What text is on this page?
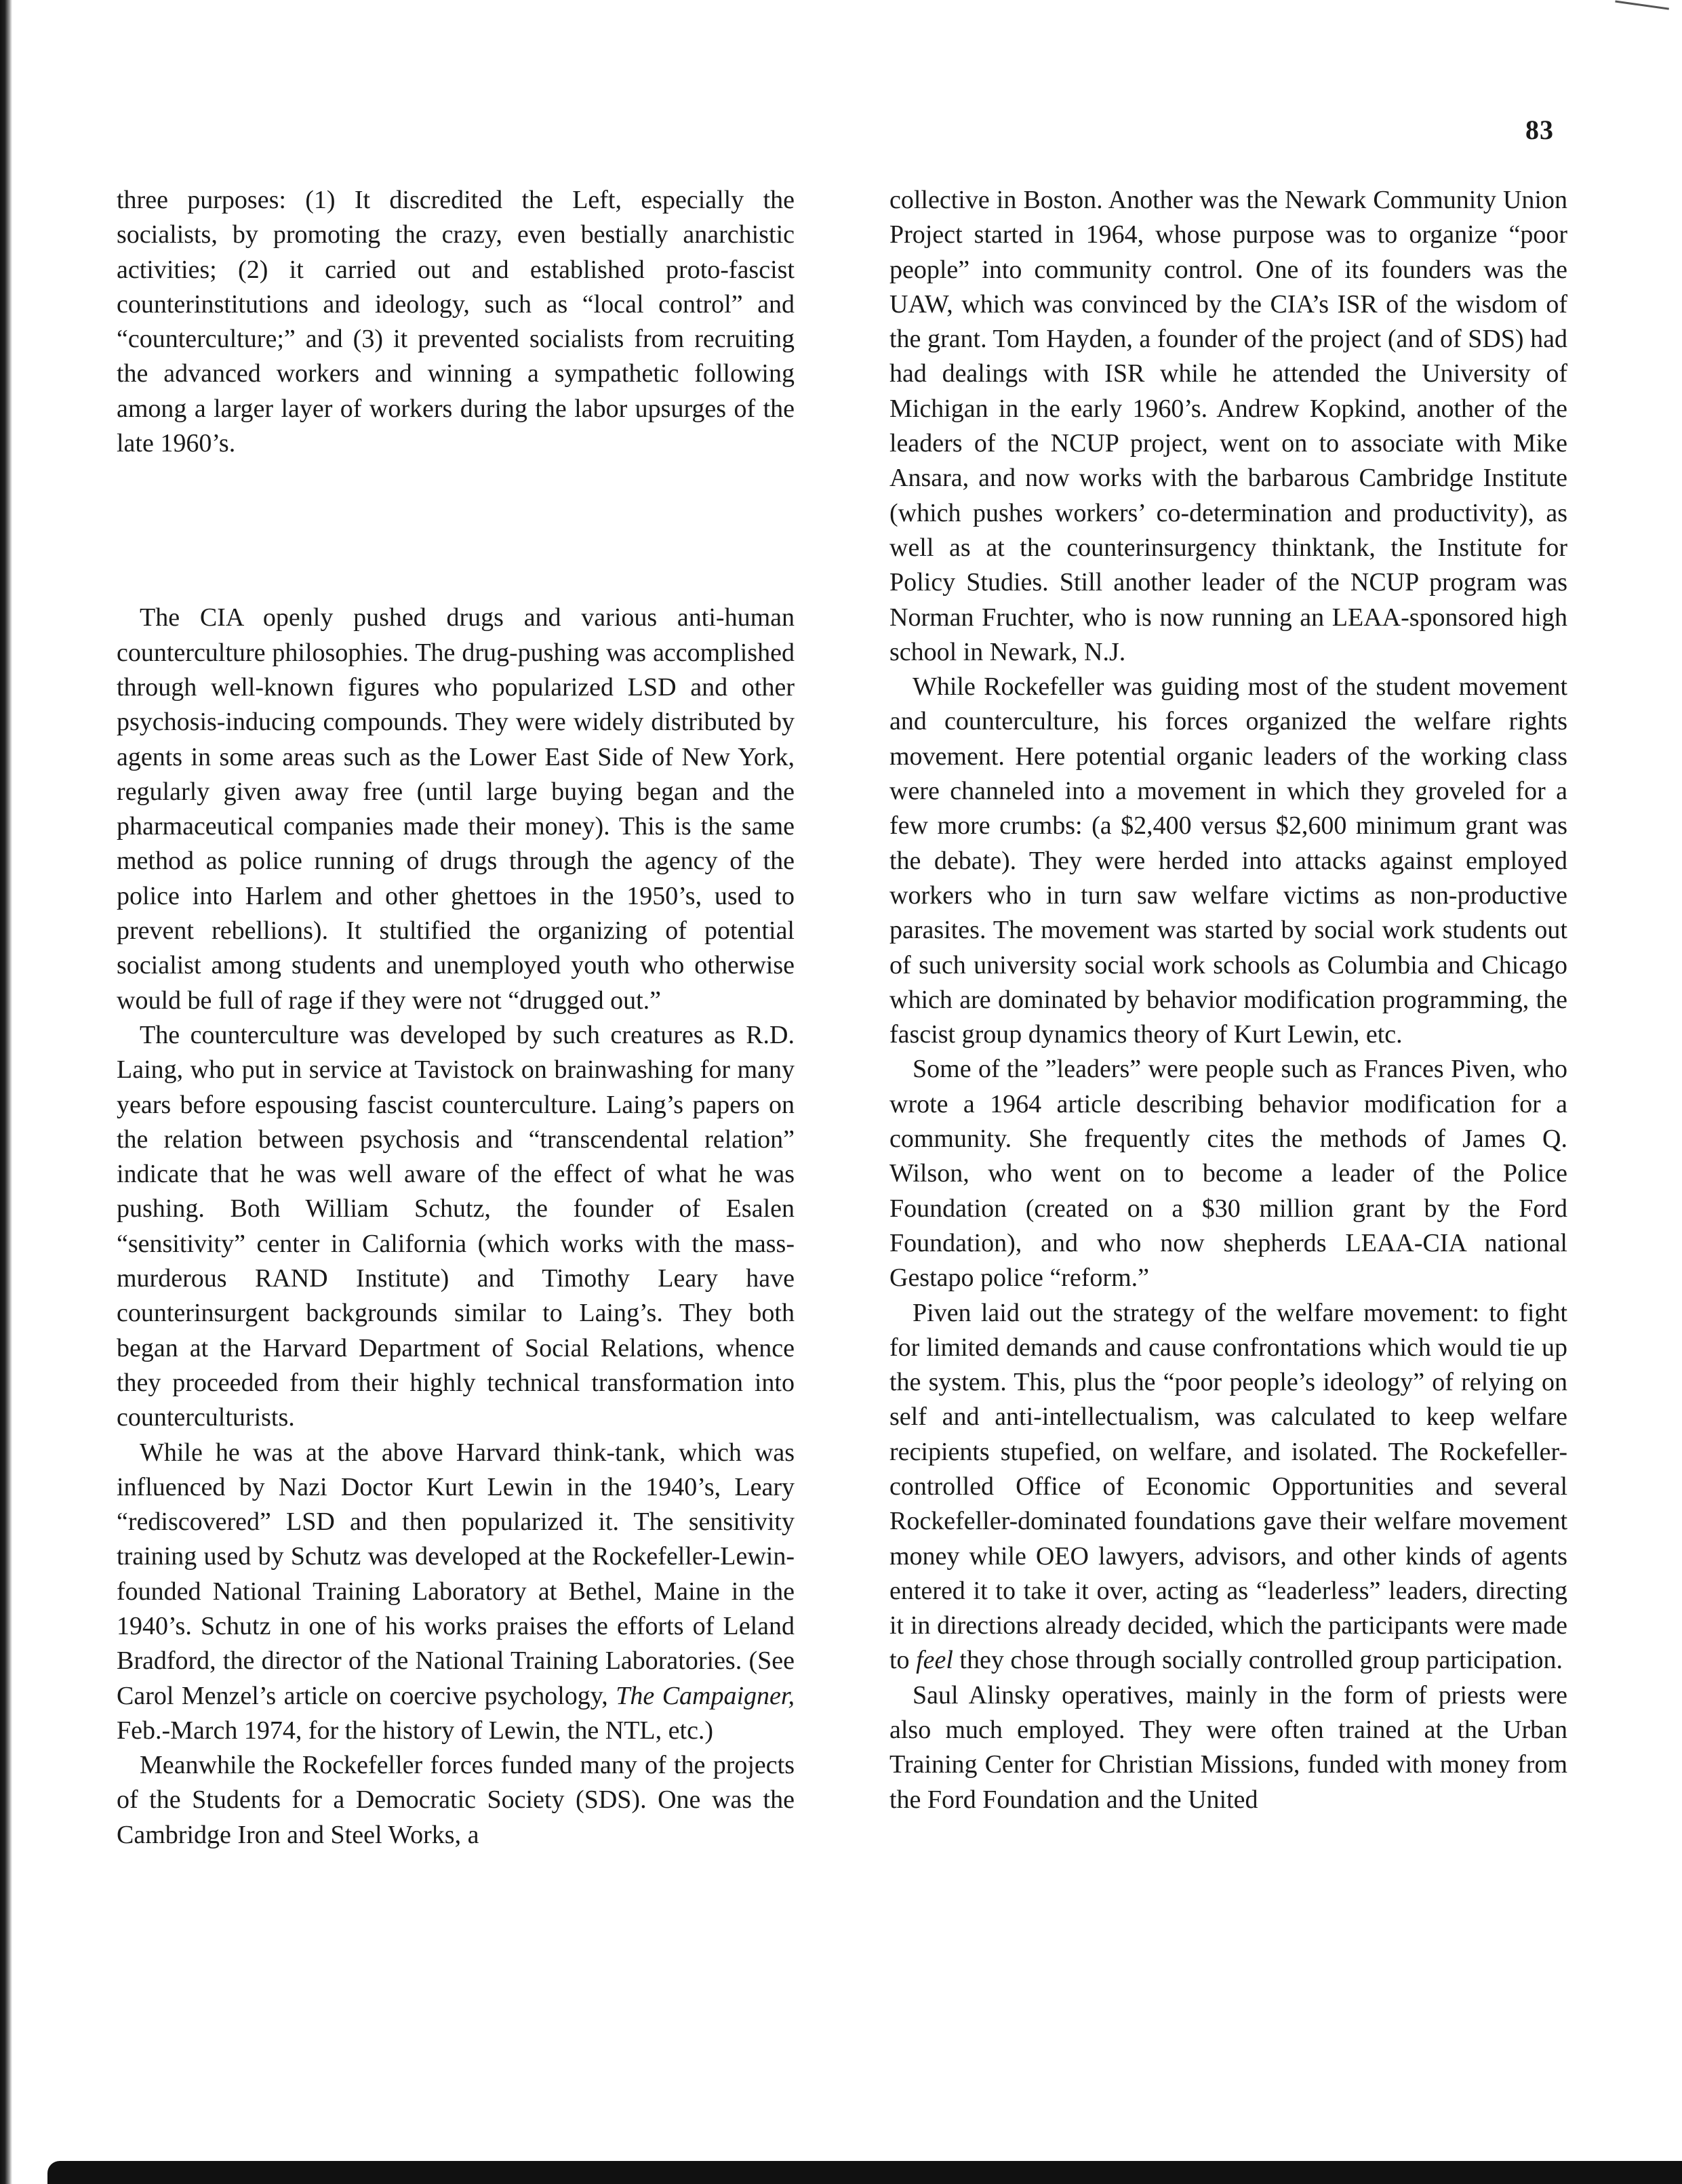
83

three purposes: (1) It discredited the Left, especially the socialists, by promoting the crazy, even bestially anarchistic activities; (2) it carried out and established proto-fascist counterinstitutions and ideology, such as “local control” and “counterculture;” and (3) it prevented socialists from recruiting the advanced workers and winning a sympathetic following among a larger layer of workers during the labor upsurges of the late 1960’s.

The CIA openly pushed drugs and various anti-human counterculture philosophies. The drug-pushing was accomplished through well-known figures who popularized LSD and other psychosis-inducing compounds. They were widely distributed by agents in some areas such as the Lower East Side of New York, regularly given away free (until large buying began and the pharmaceutical companies made their money). This is the same method as police running of drugs through the agency of the police into Harlem and other ghettoes in the 1950’s, used to prevent rebellions). It stultified the organizing of potential socialist among students and unemployed youth who otherwise would be full of rage if they were not “drugged out.”

The counterculture was developed by such creatures as R.D. Laing, who put in service at Tavistock on brainwashing for many years before espousing fascist counterculture. Laing’s papers on the relation between psychosis and “transcendental relation” indicate that he was well aware of the effect of what he was pushing. Both William Schutz, the founder of Esalen “sensitivity” center in California (which works with the mass-murderous RAND Institute) and Timothy Leary have counterinsurgent backgrounds similar to Laing’s. They both began at the Harvard Department of Social Relations, whence they proceeded from their highly technical transformation into counterculturists.

While he was at the above Harvard think-tank, which was influenced by Nazi Doctor Kurt Lewin in the 1940’s, Leary “rediscovered” LSD and then popularized it. The sensitivity training used by Schutz was developed at the Rockefeller-Lewin-founded National Training Laboratory at Bethel, Maine in the 1940’s. Schutz in one of his works praises the efforts of Leland Bradford, the director of the National Training Laboratories. (See Carol Menzel’s article on coercive psychology, The Campaigner, Feb.-March 1974, for the history of Lewin, the NTL, etc.)

Meanwhile the Rockefeller forces funded many of the projects of the Students for a Democratic Society (SDS). One was the Cambridge Iron and Steel Works, a

collective in Boston. Another was the Newark Community Union Project started in 1964, whose purpose was to organize “poor people” into community control. One of its founders was the UAW, which was convinced by the CIA’s ISR of the wisdom of the grant. Tom Hayden, a founder of the project (and of SDS) had had dealings with ISR while he attended the University of Michigan in the early 1960’s. Andrew Kopkind, another of the leaders of the NCUP project, went on to associate with Mike Ansara, and now works with the barbarous Cambridge Institute (which pushes workers’ co-determination and productivity), as well as at the counterinsurgency thinktank, the Institute for Policy Studies. Still another leader of the NCUP program was Norman Fruchter, who is now running an LEAA-sponsored high school in Newark, N.J.

While Rockefeller was guiding most of the student movement and counterculture, his forces organized the welfare rights movement. Here potential organic leaders of the working class were channeled into a movement in which they groveled for a few more crumbs: (a $2,400 versus $2,600 minimum grant was the debate). They were herded into attacks against employed workers who in turn saw welfare victims as non-productive parasites. The movement was started by social work students out of such university social work schools as Columbia and Chicago which are dominated by behavior modification programming, the fascist group dynamics theory of Kurt Lewin, etc.

Some of the ”leaders” were people such as Frances Piven, who wrote a 1964 article describing behavior modification for a community. She frequently cites the methods of James Q. Wilson, who went on to become a leader of the Police Foundation (created on a $30 million grant by the Ford Foundation), and who now shepherds LEAA-CIA national Gestapo police “reform.”

Piven laid out the strategy of the welfare movement: to fight for limited demands and cause confrontations which would tie up the system. This, plus the “poor people’s ideology” of relying on self and anti-intellectualism, was calculated to keep welfare recipients stupefied, on welfare, and isolated. The Rockefeller-controlled Office of Economic Opportunities and several Rockefeller-dominated foundations gave their welfare movement money while OEO lawyers, advisors, and other kinds of agents entered it to take it over, acting as “leaderless” leaders, directing it in directions already decided, which the participants were made to feel they chose through socially controlled group participation.

Saul Alinsky operatives, mainly in the form of priests were also much employed. They were often trained at the Urban Training Center for Christian Missions, funded with money from the Ford Foundation and the United
